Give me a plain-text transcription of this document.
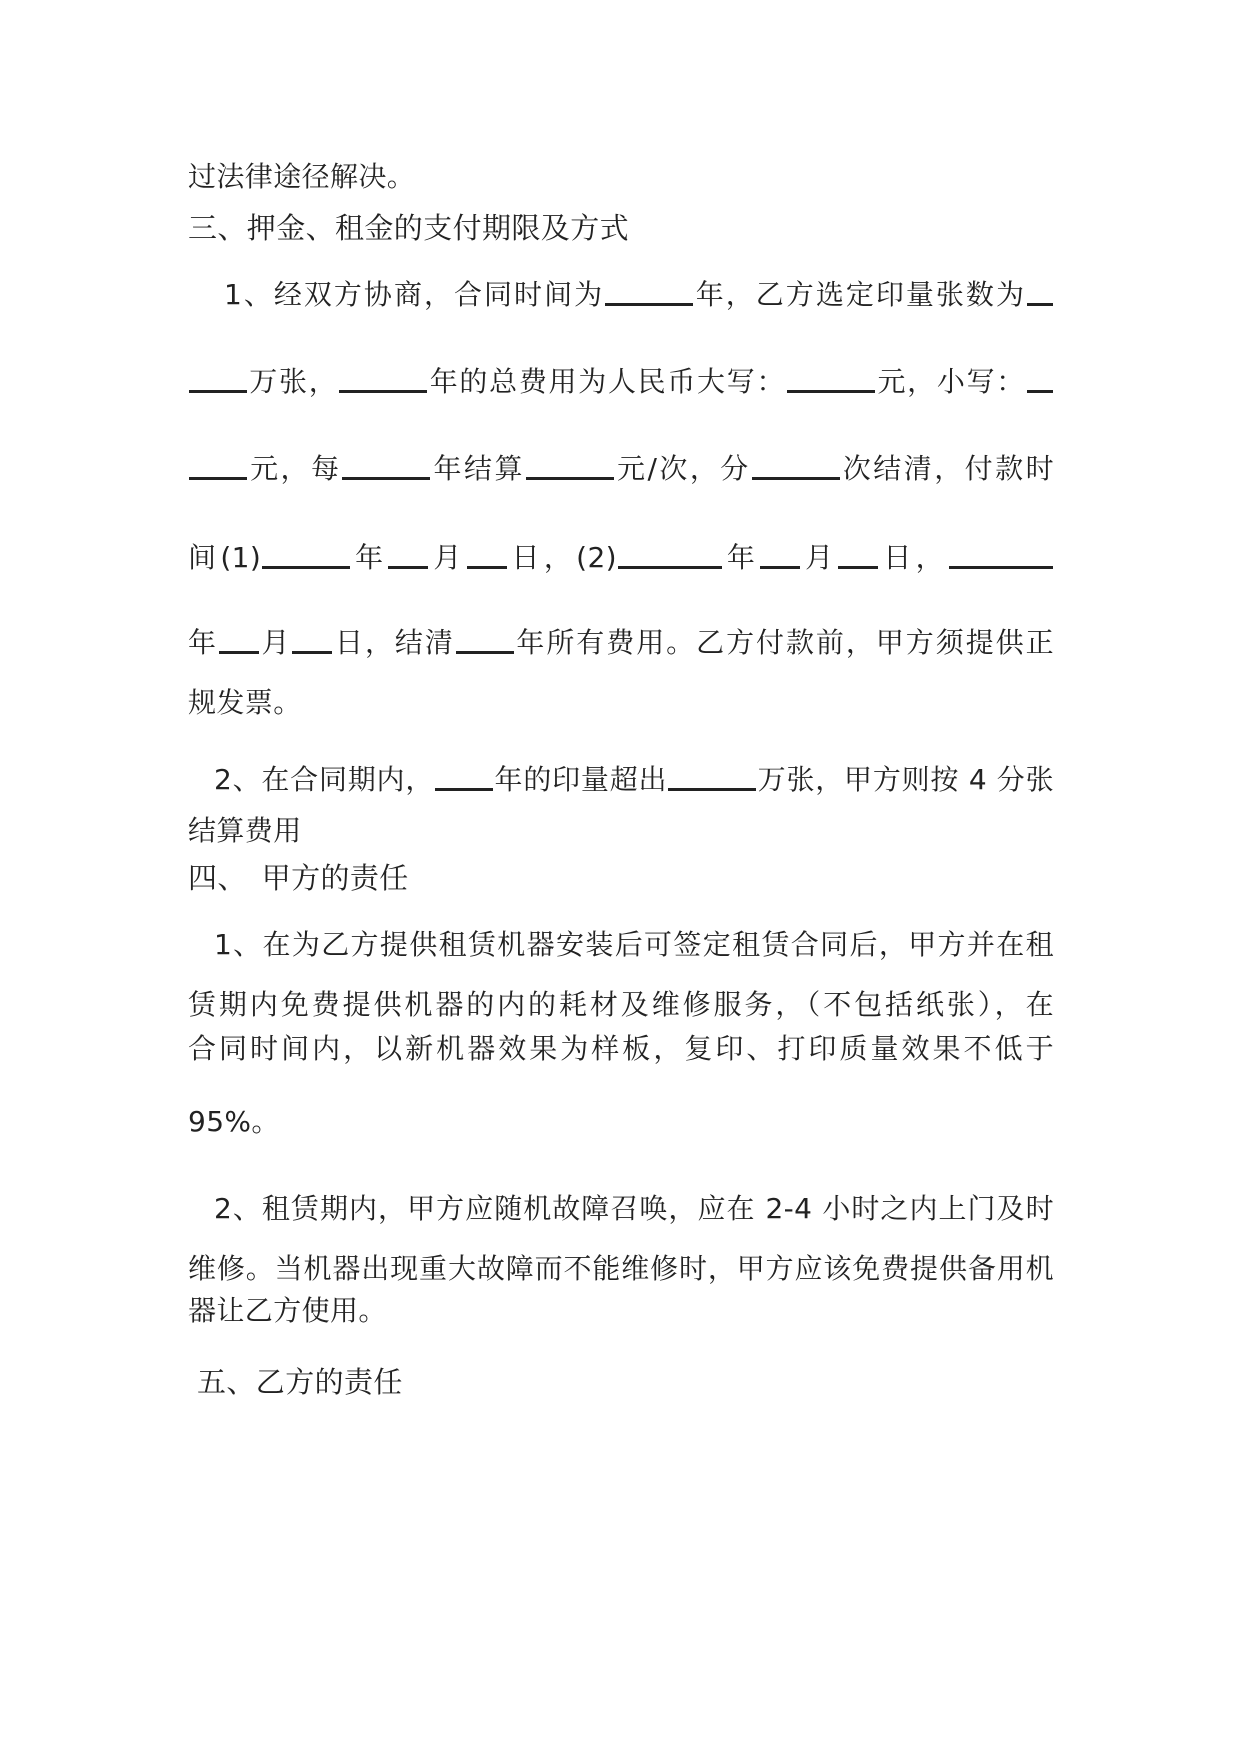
过法律途径解决。
三、押金、租金的支付期限及方式
1、经双方协商，合同时间为	年，乙方选定印量张数为
万张，	年的总费用为人民币大写：	元，小写：
元，每	年结算	元/次，分	次结清，付款时
间(1)	年 月 日，(2)	年 月 日，
年 月 日，结清 年所有费用。乙方付款前，甲方须提供正
规发票。
2、在合同期内， 年的印量超出	万张，甲方则按 4 分张
结算费用
四、　甲方的责任
1、在为乙方提供租赁机器安装后可签定租赁合同后，甲方并在租
赁期内免费提供机器的内的耗材及维修服务，（不包括纸张），在
合同时间内，以新机器效果为样板，复印、打印质量效果不低于
95%。
2、租赁期内，甲方应随机故障召唤，应在 2-4 小时之内上门及时
维修。当机器出现重大故障而不能维修时，甲方应该免费提供备用机
器让乙方使用。
五、乙方的责任
